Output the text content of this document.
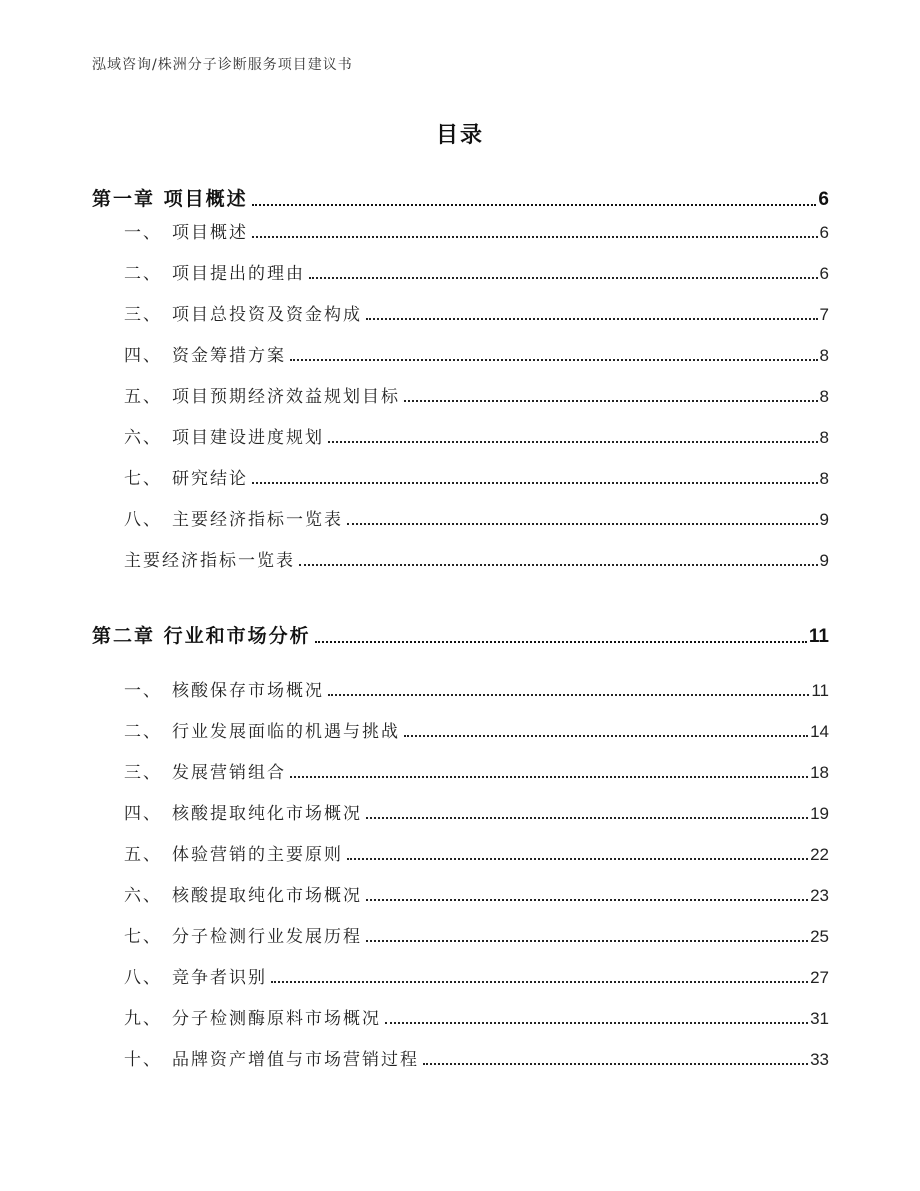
泓域咨询/株洲分子诊断服务项目建议书
目录
第一章 项目概述	6
一、 项目概述	6
二、 项目提出的理由	6
三、 项目总投资及资金构成	7
四、 资金筹措方案	8
五、 项目预期经济效益规划目标	8
六、 项目建设进度规划	8
七、 研究结论	8
八、 主要经济指标一览表	9
主要经济指标一览表	9
第二章 行业和市场分析	11
一、 核酸保存市场概况	11
二、 行业发展面临的机遇与挑战	14
三、 发展营销组合	18
四、 核酸提取纯化市场概况	19
五、 体验营销的主要原则	22
六、 核酸提取纯化市场概况	23
七、 分子检测行业发展历程	25
八、 竞争者识别	27
九、 分子检测酶原料市场概况	31
十、 品牌资产增值与市场营销过程	33
